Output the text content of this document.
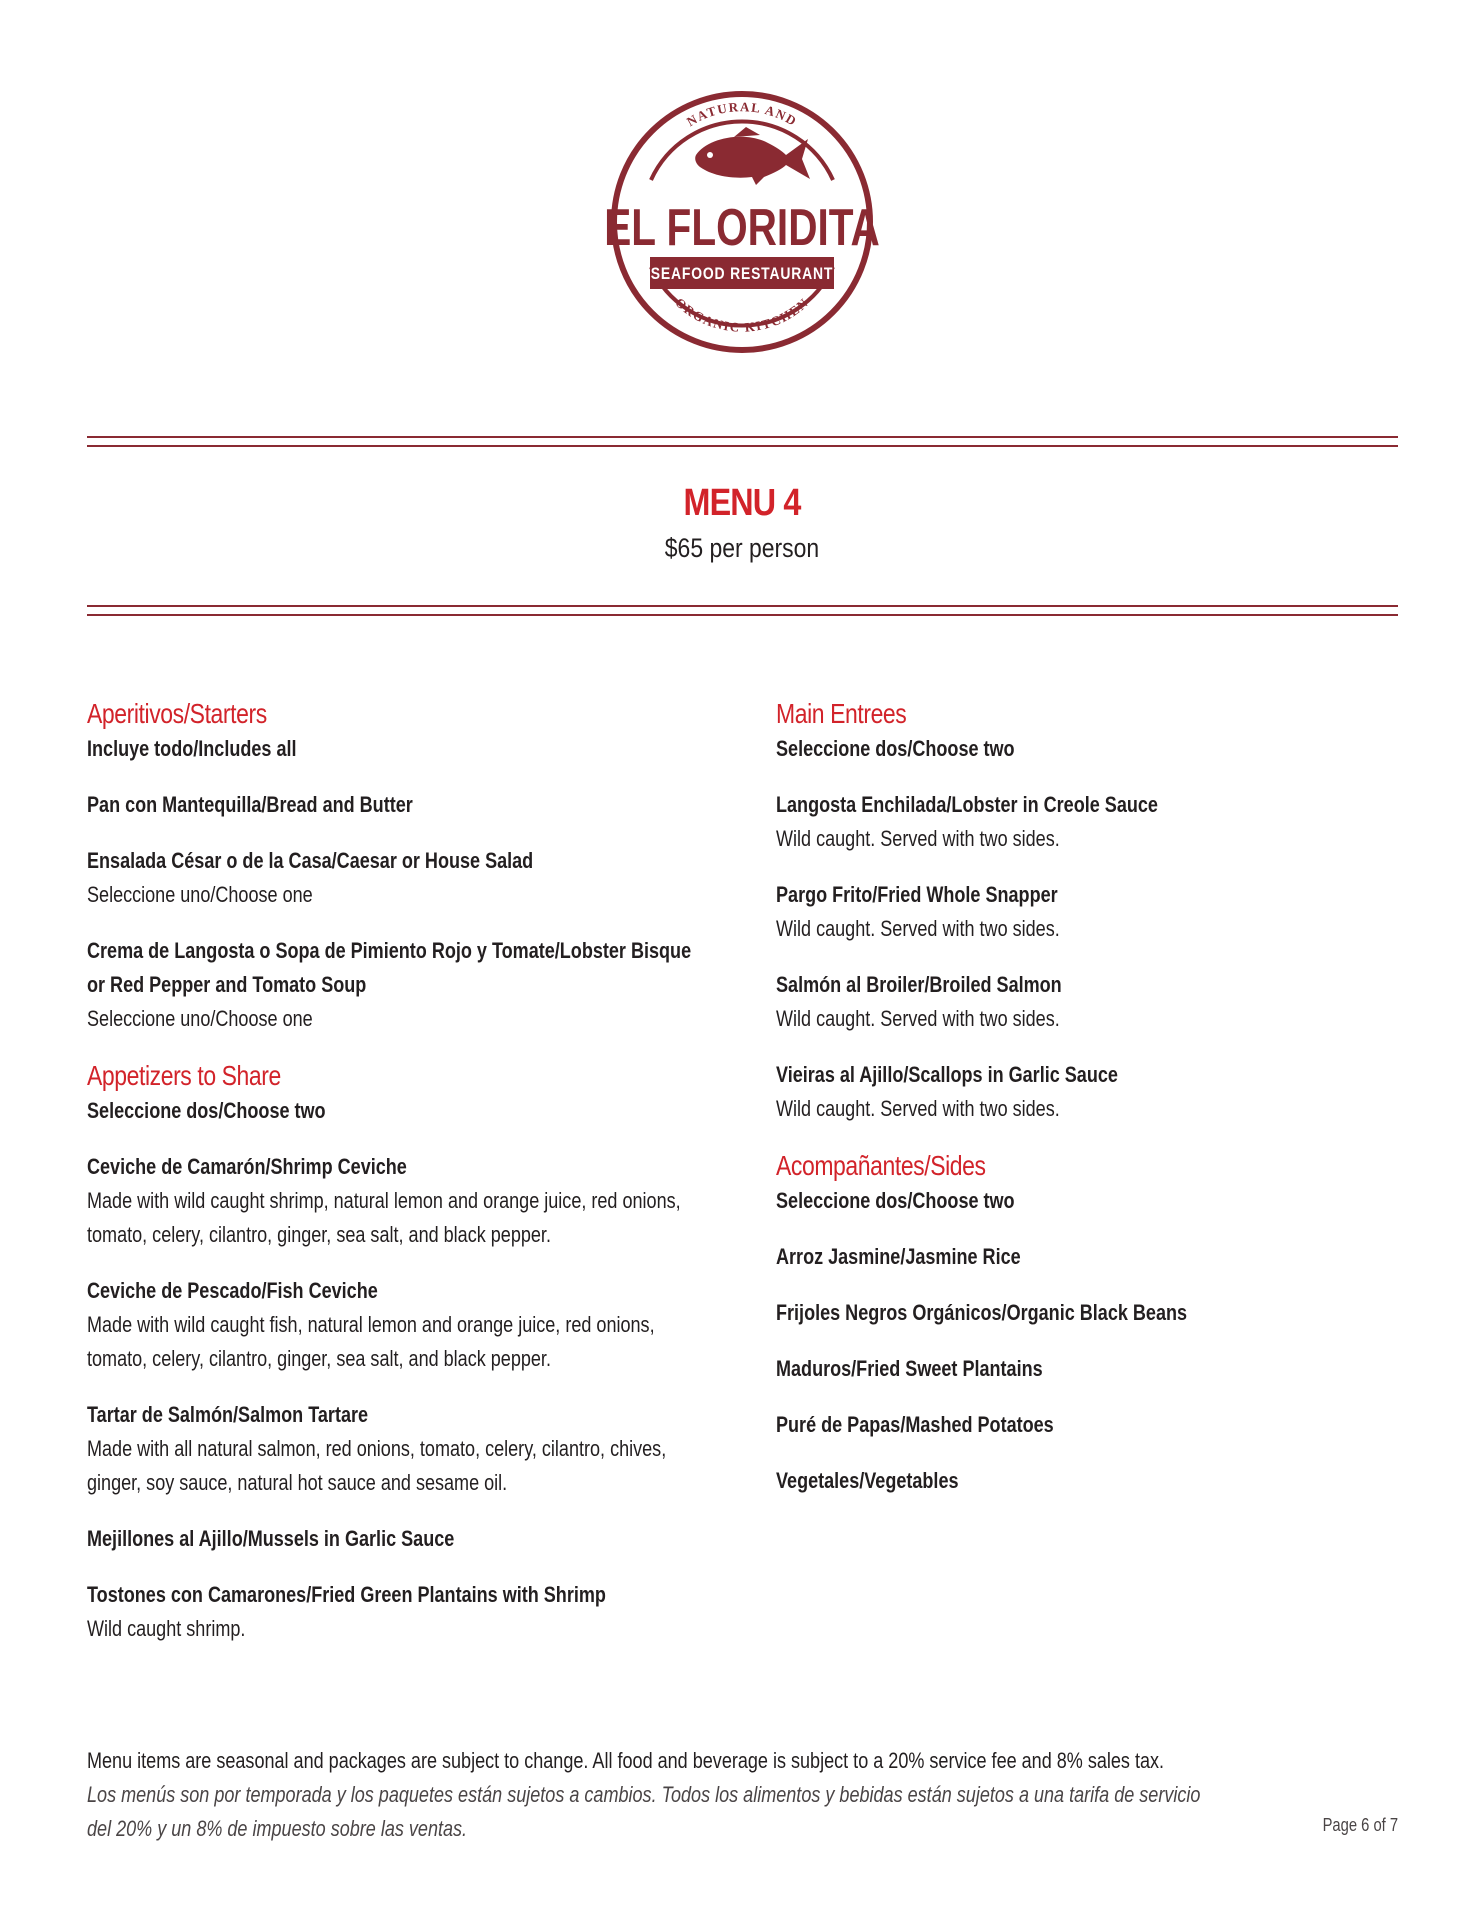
NATURAL AND
EL FLORIDITA
SEAFOOD RESTAURANT
ORGANIC KITCHEN
MENU 4
$65 per person
Aperitivos/Starters
Incluye todo/Includes all
Pan con Mantequilla/Bread and Butter
Ensalada César o de la Casa/Caesar or House Salad
Seleccione uno/Choose one
Crema de Langosta o Sopa de Pimiento Rojo y Tomate/Lobster Bisque
or Red Pepper and Tomato Soup
Seleccione uno/Choose one
Appetizers to Share
Seleccione dos/Choose two
Ceviche de Camarón/Shrimp Ceviche
Made with wild caught shrimp, natural lemon and orange juice, red onions,
tomato, celery, cilantro, ginger, sea salt, and black pepper.
Ceviche de Pescado/Fish Ceviche
Made with wild caught fish, natural lemon and orange juice, red onions,
tomato, celery, cilantro, ginger, sea salt, and black pepper.
Tartar de Salmón/Salmon Tartare
Made with all natural salmon, red onions, tomato, celery, cilantro, chives,
ginger, soy sauce, natural hot sauce and sesame oil.
Mejillones al Ajillo/Mussels in Garlic Sauce
Tostones con Camarones/Fried Green Plantains with Shrimp
Wild caught shrimp.
Main Entrees
Seleccione dos/Choose two
Langosta Enchilada/Lobster in Creole Sauce
Wild caught. Served with two sides.
Pargo Frito/Fried Whole Snapper
Wild caught. Served with two sides.
Salmón al Broiler/Broiled Salmon
Wild caught. Served with two sides.
Vieiras al Ajillo/Scallops in Garlic Sauce
Wild caught. Served with two sides.
Acompañantes/Sides
Seleccione dos/Choose two
Arroz Jasmine/Jasmine Rice
Frijoles Negros Orgánicos/Organic Black Beans
Maduros/Fried Sweet Plantains
Puré de Papas/Mashed Potatoes
Vegetales/Vegetables
Menu items are seasonal and packages are subject to change. All food and beverage is subject to a 20% service fee and 8% sales tax.
Los menús son por temporada y los paquetes están sujetos a cambios. Todos los alimentos y bebidas están sujetos a una tarifa de servicio
del 20% y un 8% de impuesto sobre las ventas.	Page 6 of 7
